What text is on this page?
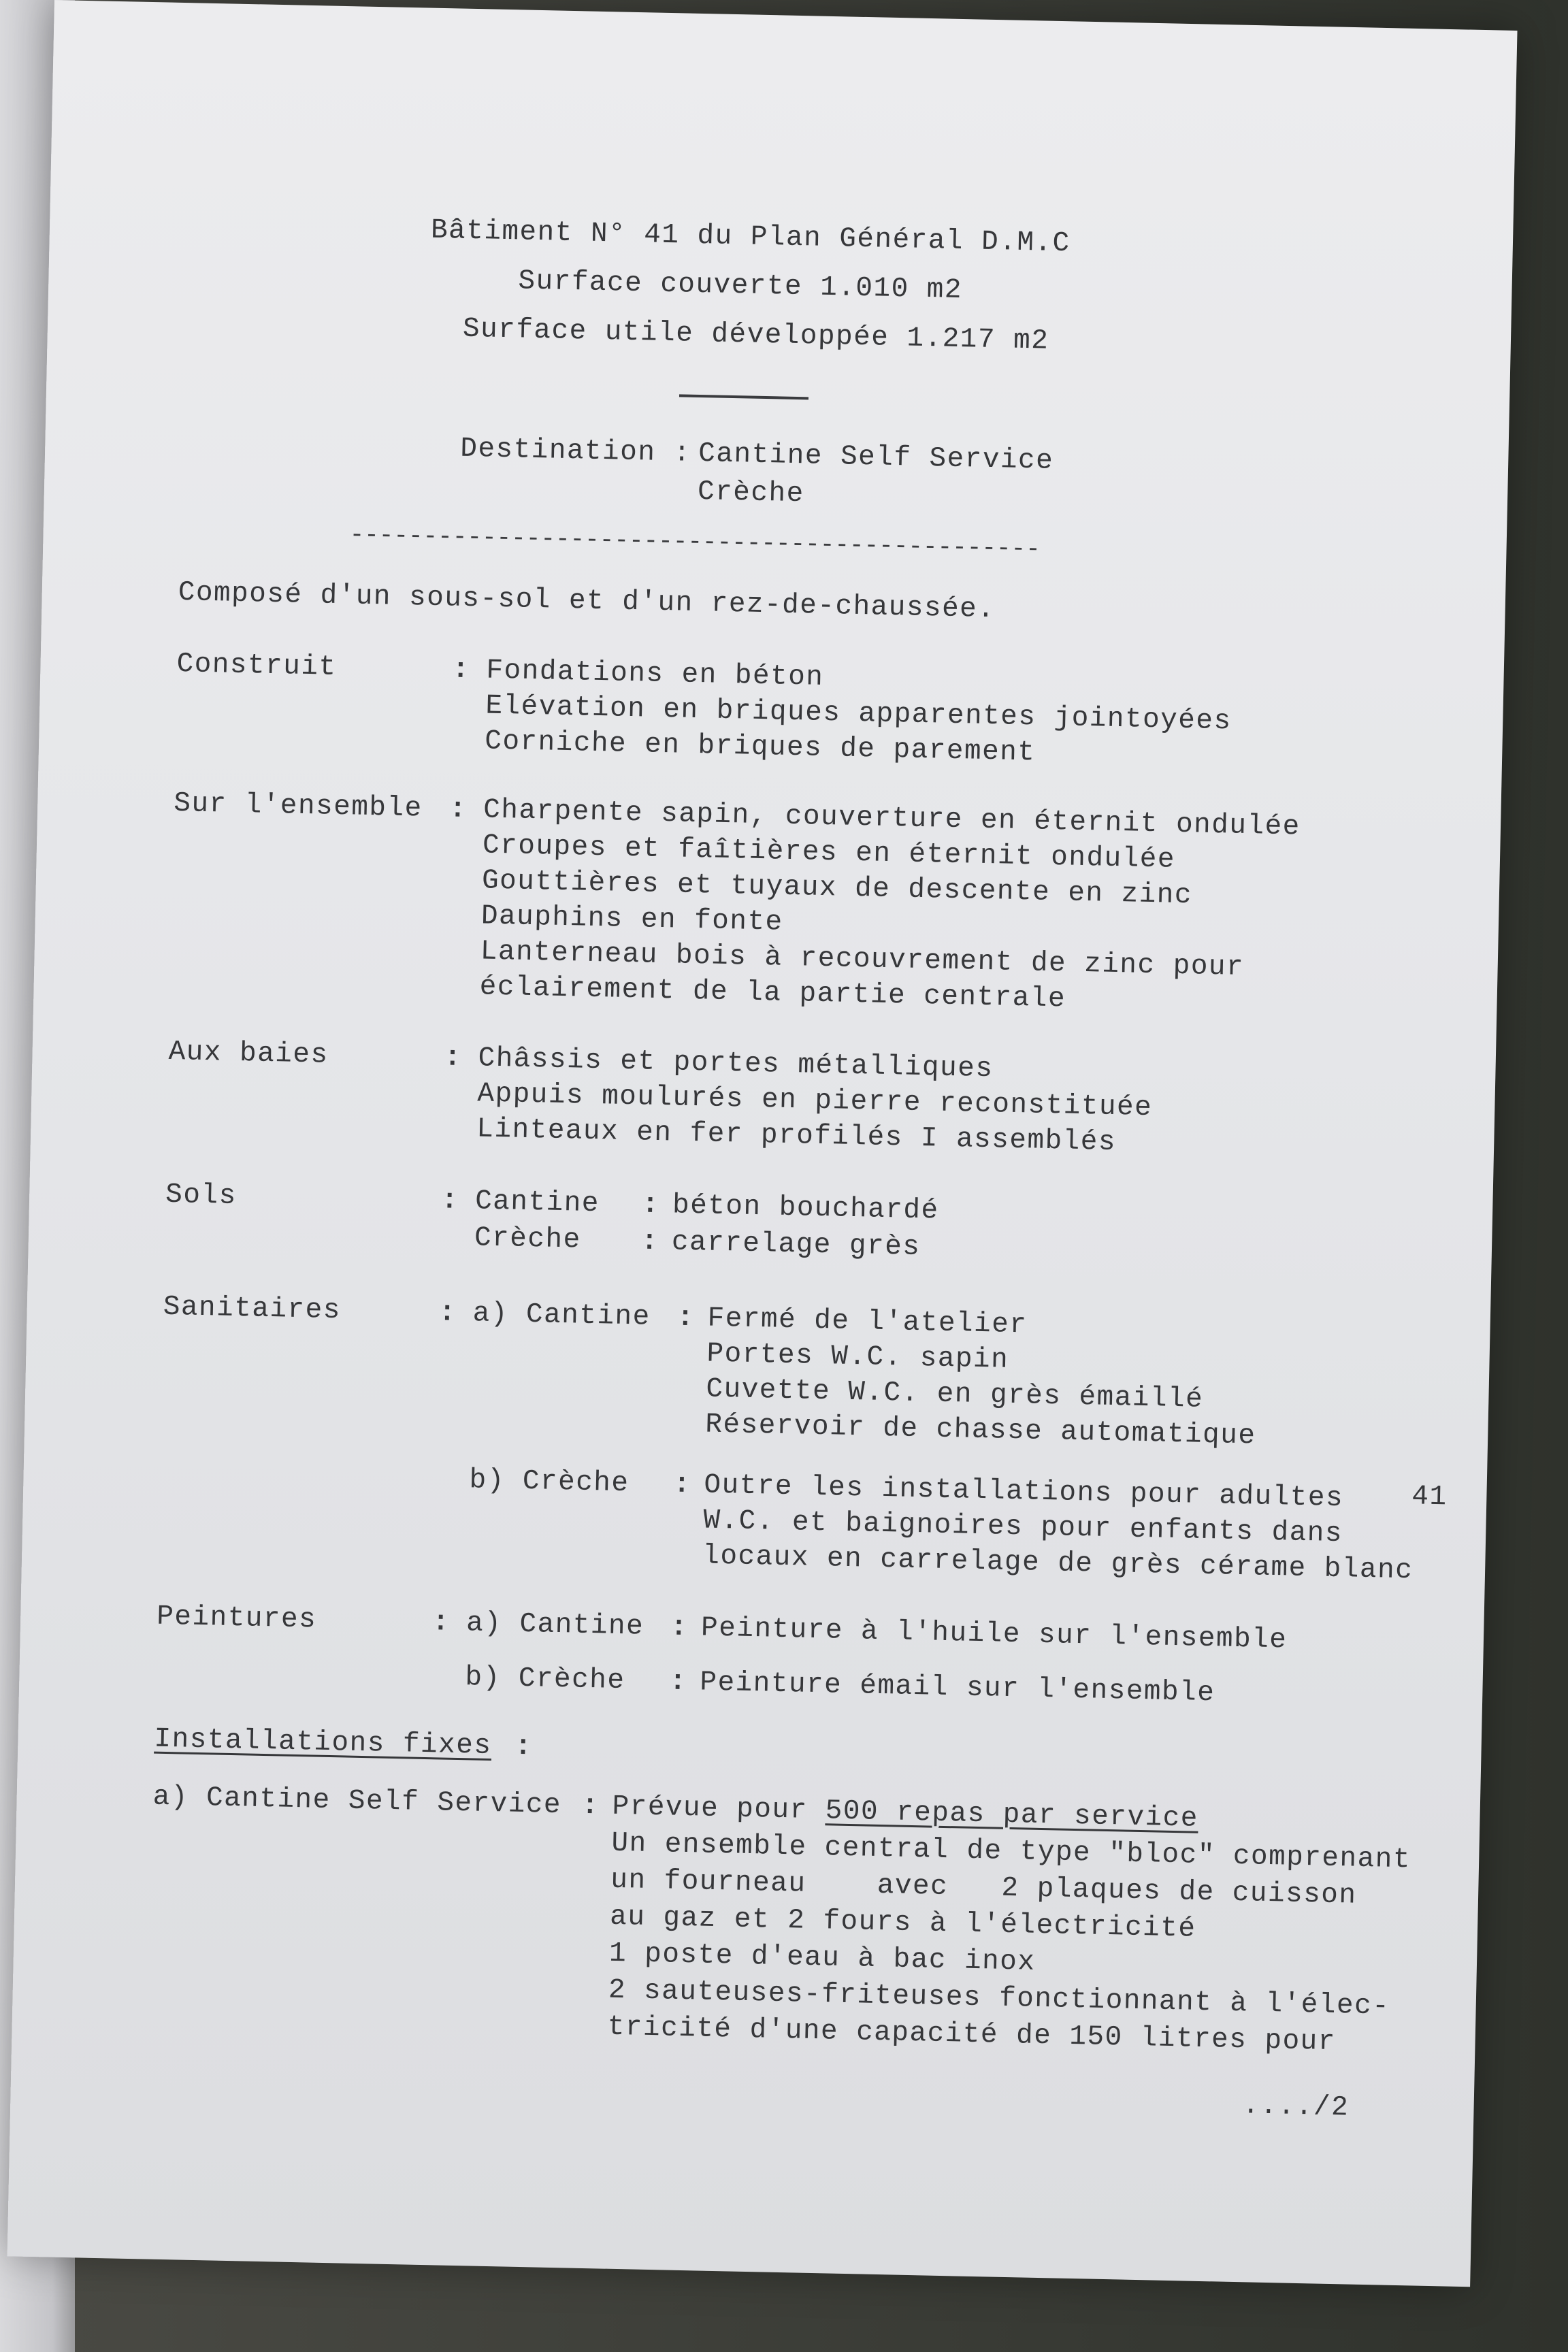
Bâtiment N° 41 du Plan Général D.M.C
Surface couverte 1.010 m2
Surface utile développée 1.217 m2
Destination :
Cantine Self Service
Crèche
-----------------------------------------------
Composé d'un sous-sol et d'un rez-de-chaussée.
Construit	: Fondations en béton
Elévation en briques apparentes jointoyées
Corniche en briques de parement
Sur l'ensemble : Charpente sapin, couverture en éternit ondulée
Croupes et faîtières en éternit ondulée
Gouttières et tuyaux de descente en zinc
Dauphins en fonte
Lanterneau bois à recouvrement de zinc pour
éclairement de la partie centrale
Aux baies	: Châssis et portes métalliques
Appuis moulurés en pierre reconstituée
Linteaux en fer profilés I assemblés
Sols	: Cantine : béton bouchardé
Crèche : carrelage grès
Sanitaires	: a) Cantine : Fermé de l'atelier
Portes W.C. sapin
Cuvette W.C. en grès émaillé
Réservoir de chasse automatique
b) Crèche : Outre les installations pour adultes
W.C. et baignoires pour enfants dans
locaux en carrelage de grès cérame blanc
41
Peintures	: a) Cantine : Peinture à l'huile sur l'ensemble
b) Crèche : Peinture émail sur l'ensemble
Installations fixes :
a) Cantine Self Service : Prévue pour 500 repas par service
Un ensemble central de type "bloc" comprenant
un fourneau    avec   2 plaques de cuisson
au gaz et 2 fours à l'électricité
1 poste d'eau à bac inox
2 sauteuses-friteuses fonctionnant à l'élec-
tricité d'une capacité de 150 litres pour
..../2
